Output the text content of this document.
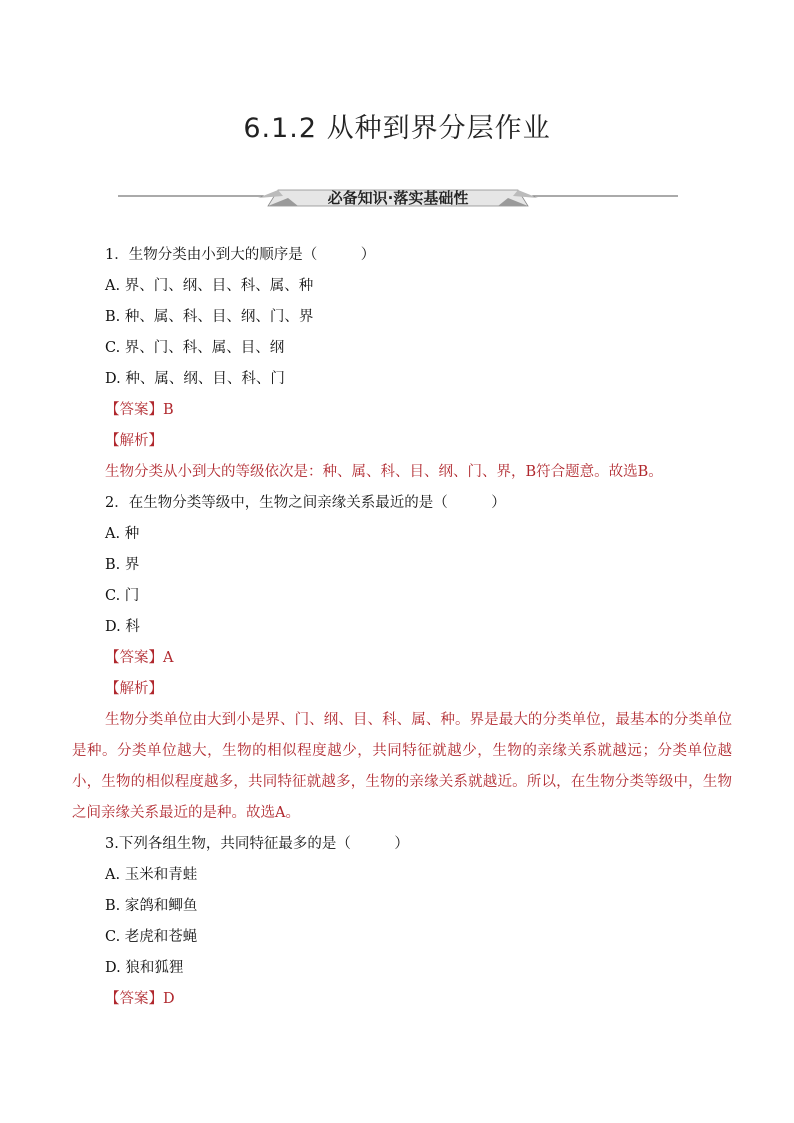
6.1.2 从种到界分层作业
必备知识·落实基础性
1．生物分类由小到大的顺序是（　　　）
A. 界、门、纲、目、科、属、种
B. 种、属、科、目、纲、门、界
C. 界、门、科、属、目、纲
D. 种、属、纲、目、科、门
【答案】B
【解析】
生物分类从小到大的等级依次是：种、属、科、目、纲、门、界，B符合题意。故选B。
2．在生物分类等级中，生物之间亲缘关系最近的是（　　　）
A. 种
B. 界
C. 门
D. 科
【答案】A
【解析】
生物分类单位由大到小是界、门、纲、目、科、属、种。界是最大的分类单位，最基本的分类单位是种。分类单位越大，生物的相似程度越少，共同特征就越少，生物的亲缘关系就越远；分类单位越小，生物的相似程度越多，共同特征就越多，生物的亲缘关系就越近。所以，在生物分类等级中，生物之间亲缘关系最近的是种。故选A。
3.下列各组生物，共同特征最多的是（　　　）
A. 玉米和青蛙
B. 家鸽和鲫鱼
C. 老虎和苍蝇
D. 狼和狐狸
【答案】D
